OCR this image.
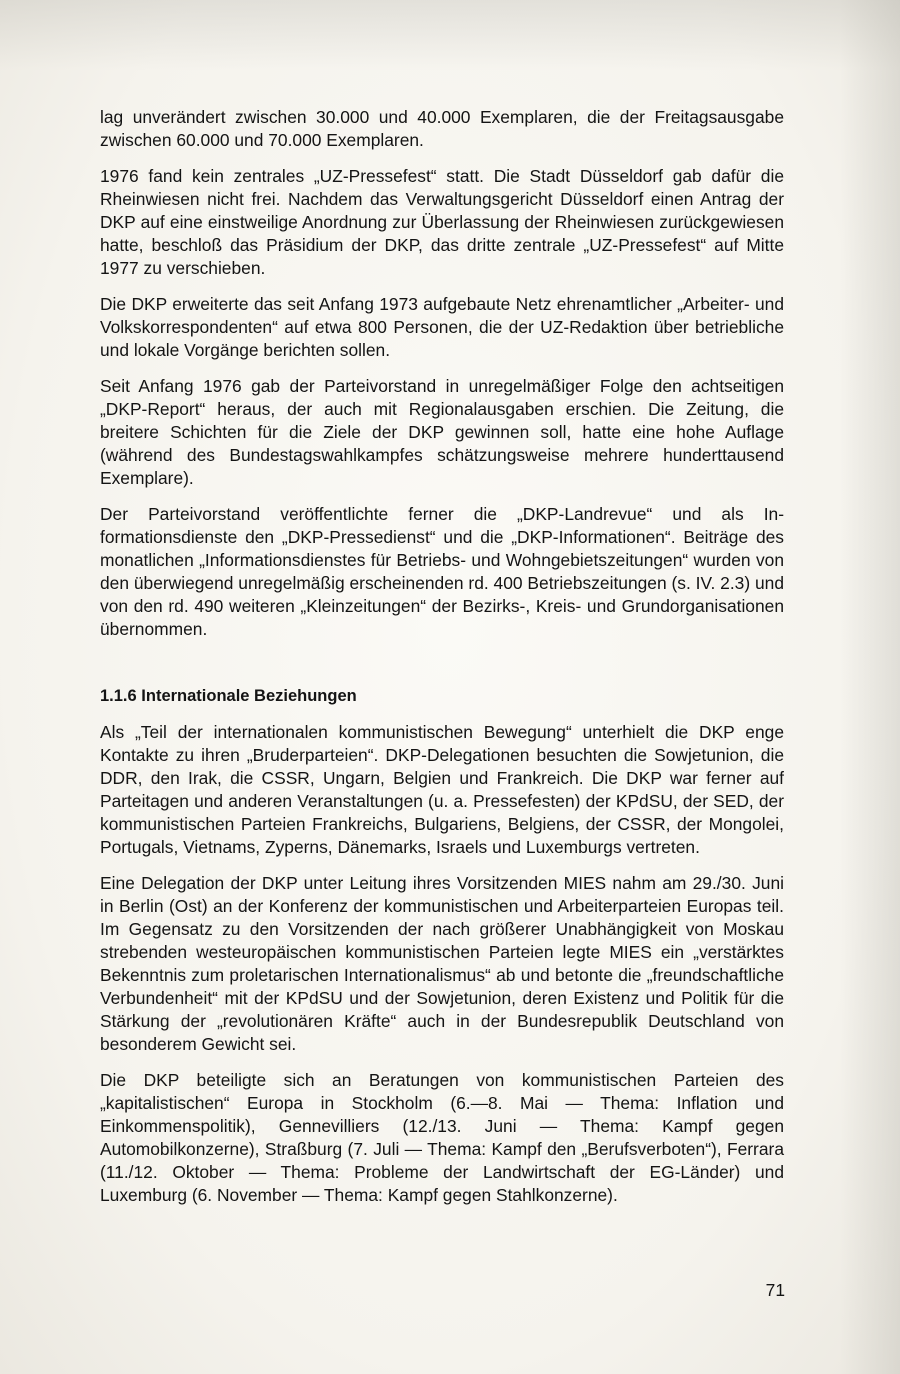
lag unverändert zwischen 30.000 und 40.000 Exemplaren, die der Freitagsausgabe zwischen 60.000 und 70.000 Exemplaren.

1976 fand kein zentrales „UZ-Pressefest“ statt. Die Stadt Düsseldorf gab dafür die Rheinwiesen nicht frei. Nachdem das Verwaltungsgericht Düsseldorf einen Antrag der DKP auf eine einstweilige Anordnung zur Überlassung der Rheinwiesen zurückgewiesen hatte, beschloß das Präsidium der DKP, das dritte zentrale „UZ-Pressefest“ auf Mitte 1977 zu verschieben.

Die DKP erweiterte das seit Anfang 1973 aufgebaute Netz ehrenamtlicher „Arbeiter- und Volkskorrespondenten“ auf etwa 800 Personen, die der UZ-Redaktion über betriebliche und lokale Vorgänge berichten sollen.

Seit Anfang 1976 gab der Parteivorstand in unregelmäßiger Folge den achtseitigen „DKP-Report“ heraus, der auch mit Regionalausgaben erschien. Die Zeitung, die breitere Schichten für die Ziele der DKP gewinnen soll, hatte eine hohe Auflage (während des Bundestagswahlkampfes schätzungsweise mehrere hunderttausend Exemplare).

Der Parteivorstand veröffentlichte ferner die „DKP-Landrevue“ und als Informationsdienste den „DKP-Pressedienst“ und die „DKP-Informationen“. Beiträge des monatlichen „Informationsdienstes für Betriebs- und Wohngebietszeitungen“ wurden von den überwiegend unregelmäßig erscheinenden rd. 400 Betriebszeitungen (s. IV. 2.3) und von den rd. 490 weiteren „Kleinzeitungen“ der Bezirks-, Kreis- und Grundorganisationen übernommen.

1.1.6 Internationale Beziehungen

Als „Teil der internationalen kommunistischen Bewegung“ unterhielt die DKP enge Kontakte zu ihren „Bruderparteien“. DKP-Delegationen besuchten die Sowjetunion, die DDR, den Irak, die CSSR, Ungarn, Belgien und Frankreich. Die DKP war ferner auf Parteitagen und anderen Veranstaltungen (u. a. Pressefesten) der KPdSU, der SED, der kommunistischen Parteien Frankreichs, Bulgariens, Belgiens, der CSSR, der Mongolei, Portugals, Vietnams, Zyperns, Dänemarks, Israels und Luxemburgs vertreten.

Eine Delegation der DKP unter Leitung ihres Vorsitzenden MIES nahm am 29./30. Juni in Berlin (Ost) an der Konferenz der kommunistischen und Arbeiterparteien Europas teil. Im Gegensatz zu den Vorsitzenden der nach größerer Unabhängigkeit von Moskau strebenden westeuropäischen kommunistischen Parteien legte MIES ein „verstärktes Bekenntnis zum proletarischen Internationalismus“ ab und betonte die „freundschaftliche Verbundenheit“ mit der KPdSU und der Sowjetunion, deren Existenz und Politik für die Stärkung der „revolutionären Kräfte“ auch in der Bundesrepublik Deutschland von besonderem Gewicht sei.

Die DKP beteiligte sich an Beratungen von kommunistischen Parteien des „kapitalistischen“ Europa in Stockholm (6.—8. Mai — Thema: Inflation und Einkommenspolitik), Gennevilliers (12./13. Juni — Thema: Kampf gegen Automobilkonzerne), Straßburg (7. Juli — Thema: Kampf den „Berufsverboten“), Ferrara (11./12. Oktober — Thema: Probleme der Landwirtschaft der EG-Länder) und Luxemburg (6. November — Thema: Kampf gegen Stahlkonzerne).

71
